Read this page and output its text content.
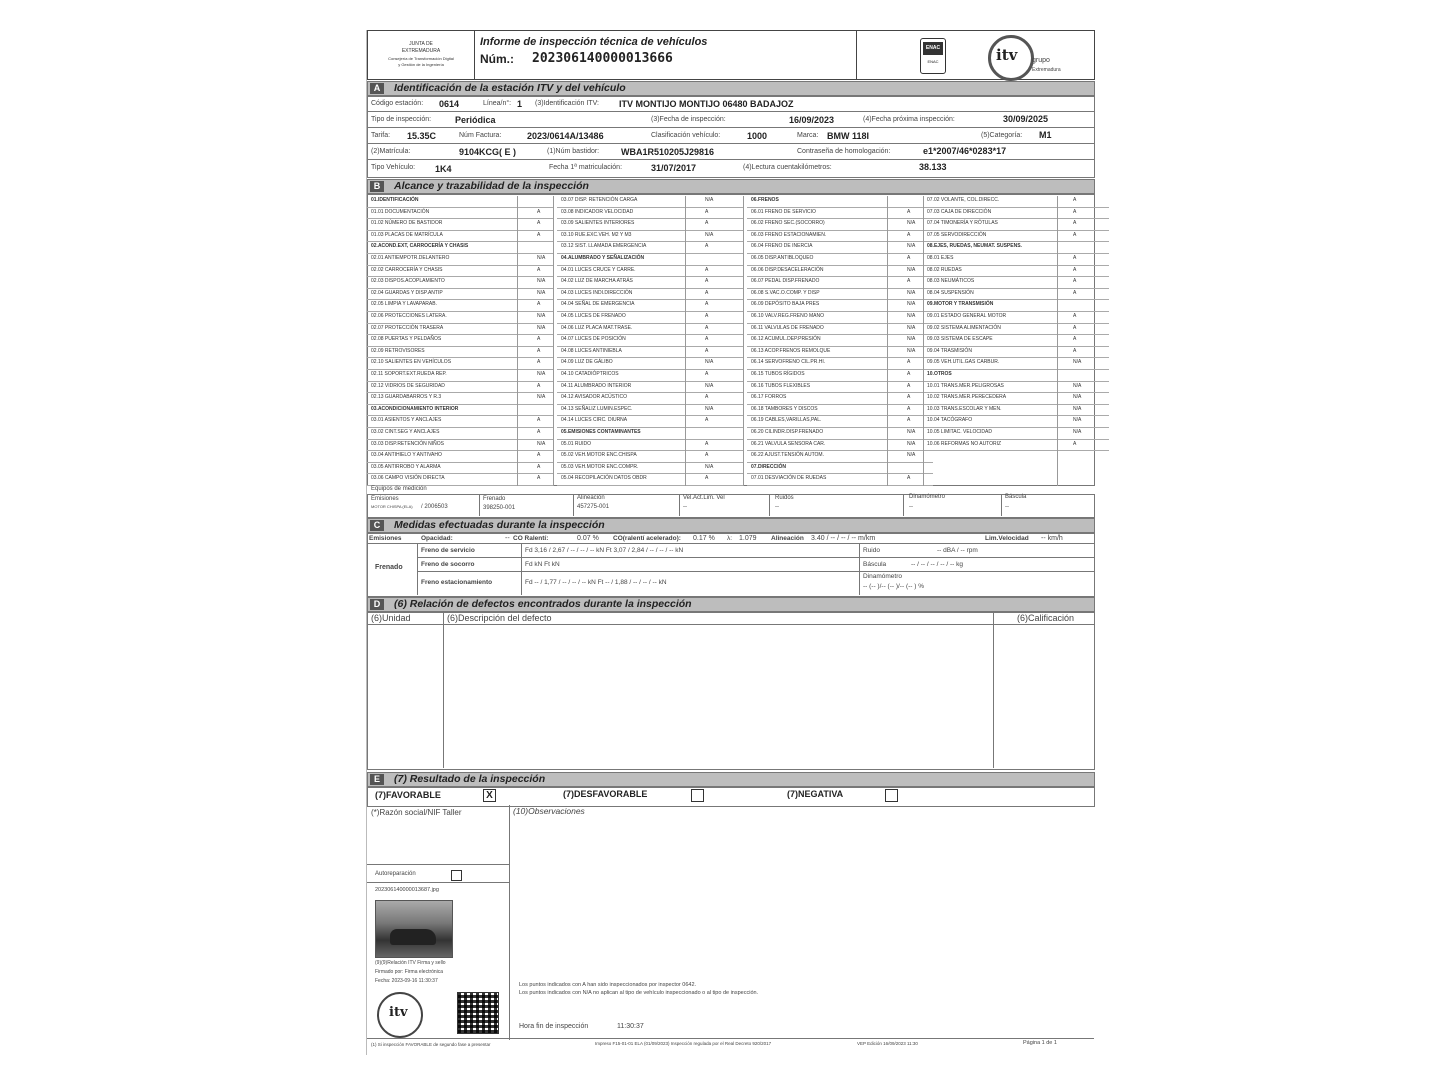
JUNTA DE
EXTREMADURA
Consejería de Transformación Digital
y Gestión de la Ingeniería
Informe de inspección técnica de vehículos
Núm.: 202306140000013666
ENAC
ENAC	itv grupo
Extremadura
A	Identificación de la estación ITV y del vehículo
Código estación: 0614	Línea/n°: 1 (3)Identificación ITV: ITV MONTIJO MONTIJO 06480 BADAJOZ
Tipo de inspección:	Periódica	(3)Fecha de inspección:	16/09/2023	(4)Fecha próxima inspección:	30/09/2025
Tarifa: 15.35C	Núm Factura:	2023/0614A/13486	Clasificación vehículo:	1000	Marca: BMW 118I	(5)Categoría: M1
(2)Matrícula:	9104KCG( E )	(1)Núm bastidor: WBA1R510205J29816	Contraseña de homologación:	e1*2007/46*0283*17
Tipo Vehículo: 1K4	Fecha 1ª matriculación:	31/07/2017	(4)Lectura cuentakilómetros:	38.133
B	Alcance y trazabilidad de la inspección
01.IDENTIFICACIÓN
01.01 DOCUMENTACIÓN	A
01.02 NÚMERO DE BASTIDOR	A
01.03 PLACAS DE MATRÍCULA	A
02.ACOND.EXT, CARROCERÍA Y CHASIS
02.01 ANTIEMPOTR.DELANTERO	N/A
02.02 CARROCERÍA Y CHASIS	A
02.03 DISPOS.ACOPLAMIENTO	N/A
02.04 GUARDAS Y DISP.ANTIP	N/A
02.05 LIMPIA Y LAVAPARAB.	A
02.06 PROTECCIONES LATERA.	N/A
02.07 PROTECCIÓN TRASERA	N/A
02.08 PUERTAS Y PELDAÑOS	A
02.09 RETROVISORES	A
02.10 SALIENTES EN VEHÍCULOS	A
02.11 SOPORT.EXT.RUEDA REP.	N/A
02.12 VIDRIOS DE SEGURIDAD	A
02.13 GUARDABARROS Y R.3	N/A
03.ACONDICIONAMIENTO INTERIOR
03.01 ASIENTOS Y ANCLAJES	A
03.02 CINT.SEG Y ANCLAJES	A
03.03 DISP.RETENCIÓN NIÑOS	N/A
03.04 ANTIHIELO Y ANTIVAHO	A
03.05 ANTIRROBO Y ALARMA	A
03.06 CAMPO VISIÓN DIRECTA	A
03.07 DISP. RETENCIÓN CARGA	N/A
03.08 INDICADOR VELOCIDAD	A
03.09 SALIENTES INTERIORES	A
03.10 RUE.EXC.VEH. M2 Y M3	N/A
03.12 SIST. LLAMADA EMERGENCIA	A
04.ALUMBRADO Y SEÑALIZACIÓN
04.01 LUCES CRUCE Y CARRE.	A
04.02 LUZ DE MARCHA ATRÁS	A
04.03 LUCES INDI.DIRECCIÓN	A
04.04 SEÑAL DE EMERGENCIA	A
04.05 LUCES DE FRENADO	A
04.06 LUZ PLACA MAT.TRASE.	A
04.07 LUCES DE POSICIÓN	A
04.08 LUCES ANTINIEBLA	A
04.09 LUZ DE GÁLIBO	N/A
04.10 CATADIÓPTRICOS	A
04.11 ALUMBRADO INTERIOR	N/A
04.12 AVISADOR ACÚSTICO	A
04.13 SEÑALIZ LUMIN.ESPEC.	N/A
04.14 LUCES CIRC. DIURNA	A
05.EMISIONES CONTAMINANTES
05.01 RUIDO	A
05.02 VEH.MOTOR ENC.CHISPA	A
05.03 VEH.MOTOR ENC.COMPR.	N/A
05.04 RECOPILACIÓN DATOS OBDR	A
06.FRENOS
06.01 FRENO DE SERVICIO	A
06.02 FRENO SEC.(SOCORRO)	N/A
06.03 FRENO ESTACIONAMIEN.	A
06.04 FRENO DE INERCIA	N/A
06.05 DISP.ANTIBLOQUEO	A
06.06 DISP.DESACELERACIÓN	N/A
06.07 PEDAL DISP.FRENADO	A
06.08 S.VAC.O.COMP. Y DISP	N/A
06.09 DEPÓSITO BAJA PRES	N/A
06.10 VALV.REG.FRENO MANO	N/A
06.11 VALVULAS DE FRENADO	N/A
06.12 ACUMUL.DEP.PRESIÓN	N/A
06.13 ACOP.FRENOS REMOLQUE	N/A
06.14 SERVOFRENO CIL.PR.HI.	A
06.15 TUBOS RÍGIDOS	A
06.16 TUBOS FLEXIBLES	A
06.17 FORROS	A
06.18 TAMBORES Y DISCOS	A
06.19 CABLES,VARILLAS,PAL.	A
06.20 CILINDR.DISP.FRENADO	N/A
06.21 VALVULA SENSORA CAR.	N/A
06.22 AJUST.TENSIÓN AUTOM.	N/A
07.DIRECCIÓN
07.01 DESVIACIÓN DE RUEDAS	A
07.02 VOLANTE, COL.DIRECC.	A
07.03 CAJA DE DIRECCIÓN	A
07.04 TIMONERÍA Y RÓTULAS	A
07.05 SERVODIRECCIÓN	A
08.EJES, RUEDAS, NEUMAT. SUSPENS.
08.01 EJES	A
08.02 RUEDAS	A
08.03 NEUMÁTICOS	A
08.04 SUSPENSIÓN	A
09.MOTOR Y TRANSMISIÓN
09.01 ESTADO GENERAL MOTOR	A
09.02 SISTEMA ALIMENTACIÓN	A
09.03 SISTEMA DE ESCAPE	A
09.04 TRASMISIÓN	A
09.05 VEH.UTIL.GAS CARBUR.	N/A
10.OTROS
10.01 TRANS.MER.PELIGROSAS	N/A
10.02 TRANS.MER.PERECEDERA	N/A
10.03 TRANS.ESCOLAR Y MEN.	N/A
10.04 TACÓGRAFO	N/A
10.05 LIMITAC. VELOCIDAD	N/A
10.06 REFORMAS NO AUTORIZ	A
Equipos de medición
Emisiones
MOTOR CHISPA (ELA) / 2006503
Frenado
398250-001
Alineación
457275-001
Vel.Act.Lim. Vel
--
Ruidos
--
Dinamómetro
--
Báscula
--
C	Medidas efectuadas durante la inspección
Emisiones	Opacidad:	-- CO Ralentí:	0.07 % CO(ralentí acelerado): 0.17 % λ: 1.079 Alineación 3.40 / -- / -- / -- m/km	Lim.Velocidad -- km/h
Frenado
Freno de servicio	Fd 3,16 / 2,67 / -- / -- / -- kN Ft 3,07 / 2,84 / -- / -- / -- kN
Freno de socorro	Fd kN Ft kN
Freno estacionamiento	Fd -- / 1,77 / -- / -- / -- kN Ft -- / 1,88 / -- / -- / -- kN
Ruido	-- dBA / -- rpm
Báscula	-- / -- / -- / -- / -- kg
Dinamómetro
-- (-- )/-- (-- )/-- (-- ) %
D	(6) Relación de defectos encontrados durante la inspección
(6)Unidad	(6)Descripción del defecto	(6)Calificación
E	(7) Resultado de la inspección
(7)FAVORABLE	X	(7)DESFAVORABLE	(7)NEGATIVA
(*)Razón social/NIF Taller	(10)Observaciones
Autoreparación
202306140000013687.jpg
(9)(9)Relación ITV Firma y sello
Firmado por: Firma electrónica
Fecha: 2023-09-16 11:30:37
itv
Los puntos indicados con A han sido inspeccionados por inspector 0642.
Los puntos indicados con N/A no aplican al tipo de vehículo inspeccionado o al tipo de inspección.
Hora fin de inspección	11:30:37
(1) Si inspección FAVORABLE de segundo fase a presentar	Impreso F15-01-01 ELA (01/09/2023) Inspección regulada por el Real Decreto 920/2017	VEP Edición 16/09/2023 11:30	Página 1 de 1
